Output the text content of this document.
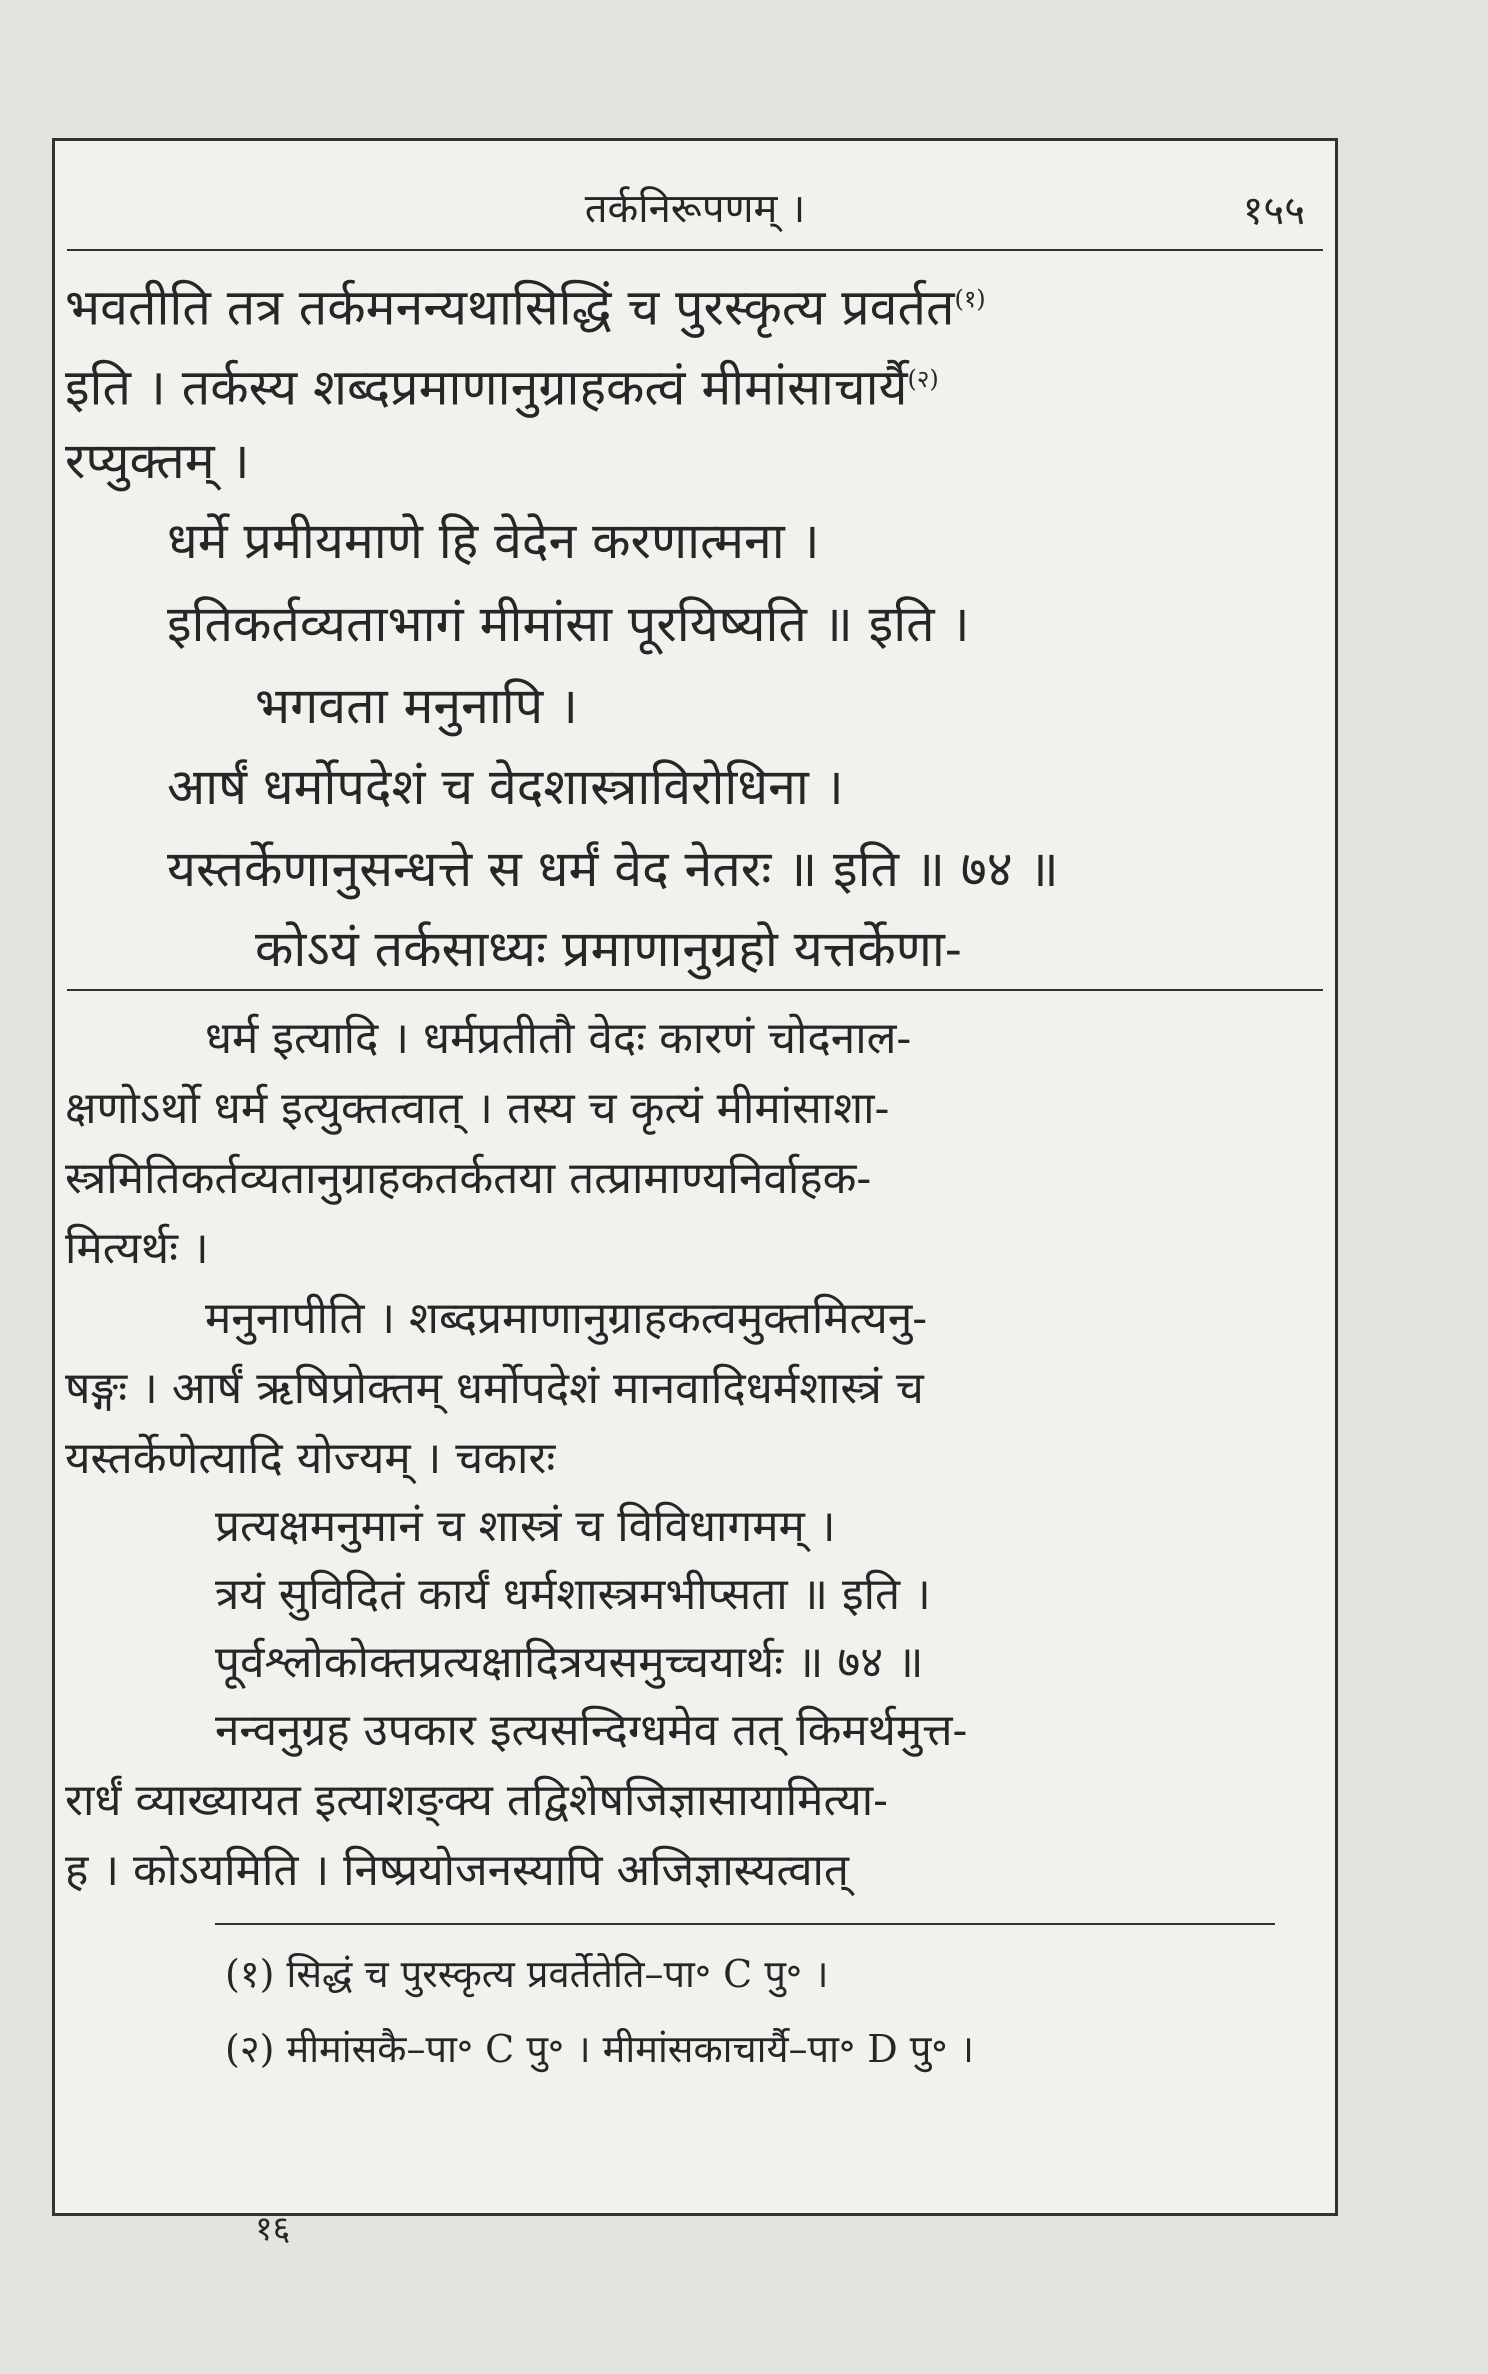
तर्कनिरूपणम् ।	१५५
भवतीति तत्र तर्कमनन्यथासिद्धिं च पुरस्कृत्य प्रवर्तत$^{(१)}$
इति । तर्कस्य शब्दप्रमाणानुग्राहकत्वं मीमांसाचार्यै$^{(२)}$
रप्युक्तम् ।
धर्मे प्रमीयमाणे हि वेदेन करणात्मना ।
इतिकर्तव्यताभागं मीमांसा पूरयिष्यति ॥ इति ।
भगवता मनुनापि ।
आर्षं धर्मोपदेशं च वेदशास्त्राविरोधिना ।
यस्तर्केणानुसन्धत्ते स धर्मं वेद नेतरः ॥ इति ॥ ७४ ॥
कोऽयं तर्कसाध्यः प्रमाणानुग्रहो यत्तर्केणा-
धर्म इत्यादि । धर्मप्रतीतौ वेदः कारणं चोदनाल-
क्षणोऽर्थो धर्म इत्युक्तत्वात् । तस्य च कृत्यं मीमांसाशा-
स्त्रमितिकर्तव्यतानुग्राहकतर्कतया तत्प्रामाण्यनिर्वाहक-
मित्यर्थः ।
मनुनापीति । शब्दप्रमाणानुग्राहकत्वमुक्तमित्यनु-
षङ्गः । आर्षं ऋषिप्रोक्तम् धर्मोपदेशं मानवादिधर्मशास्त्रं च
यस्तर्केणेत्यादि योज्यम् । चकारः
प्रत्यक्षमनुमानं च शास्त्रं च विविधागमम् ।
त्रयं सुविदितं कार्यं धर्मशास्त्रमभीप्सता ॥ इति ।
पूर्वश्लोकोक्तप्रत्यक्षादित्रयसमुच्चयार्थः ॥ ७४ ॥
नन्वनुग्रह उपकार इत्यसन्दिग्धमेव तत् किमर्थमुत्त-
रार्धं व्याख्यायत इत्याशङ्क्य तद्विशेषजिज्ञासायामित्या-
ह । कोऽयमिति । निष्प्रयोजनस्यापि अजिज्ञास्यत्वात्
(१) सिद्धं च पुरस्कृत्य प्रवर्तेतेति–पा॰ C पु॰ ।
(२) मीमांसकै–पा॰ C पु॰ । मीमांसकाचार्यै–पा॰ D पु॰ ।
१६
